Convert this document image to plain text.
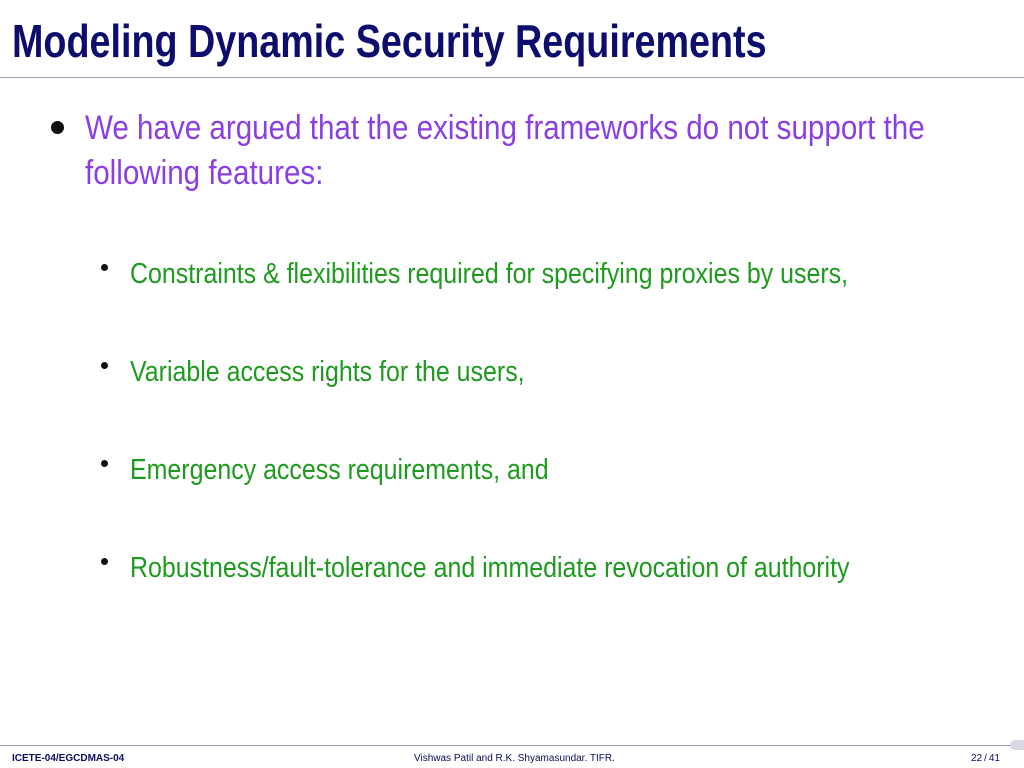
Modeling Dynamic Security Requirements
We have argued that the existing frameworks do not support the following features:
Constraints & flexibilities required for specifying proxies by users,
Variable access rights for the users,
Emergency access requirements, and
Robustness/fault-tolerance and immediate revocation of authority
ICETE-04/EGCDMAS-04	Vishwas Patil and R.K. Shyamasundar. TIFR.	22 / 41
